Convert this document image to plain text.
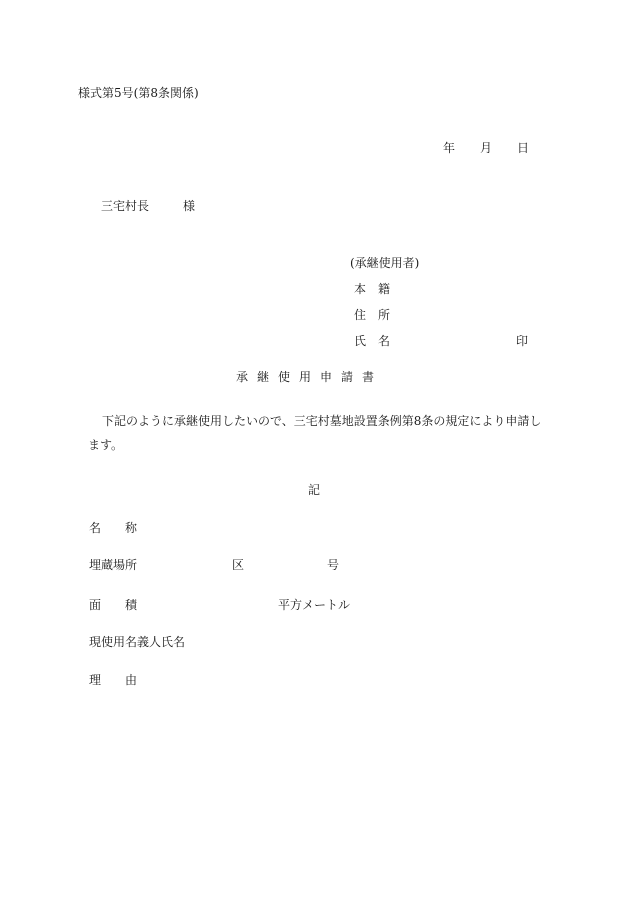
様式第5号(第8条関係)
年 月 日
三宅村長	様
(承継使用者)
本　籍
住　所
氏　名	印
承継使用申請書
下記のように承継使用したいので、三宅村墓地設置条例第8条の規定により申請します。
記
名　　称
埋蔵場所	区	号
面　　積	平方メートル
現使用名義人氏名
理　　由
